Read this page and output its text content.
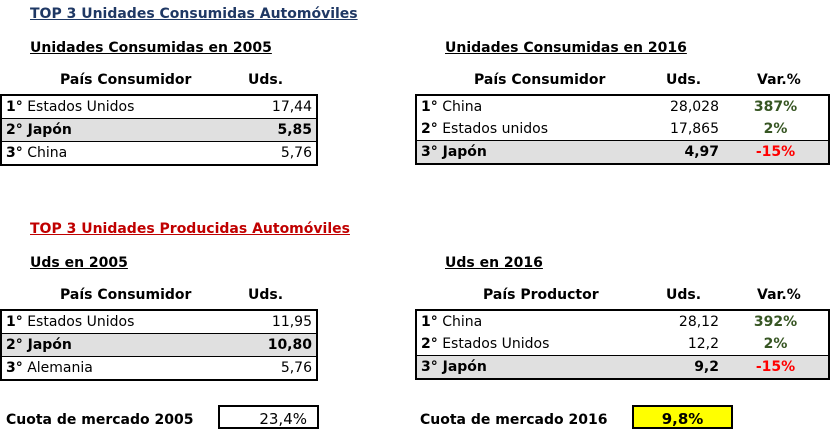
TOP 3 Unidades Consumidas Automóviles
Unidades Consumidas en 2005	Unidades Consumidas en 2016
País Consumidor	Uds.	País Consumidor	Uds.	Var.%
1° Estados Unidos	17,44
2° Japón	5,85
3° China	5,76
1° China	28,028	387%
2° Estados unidos	17,865	2%
3° Japón	4,97	-15%
TOP 3 Unidades Producidas Automóviles
Uds en 2005	Uds en 2016
País Consumidor	Uds.	País Productor	Uds.	Var.%
1° Estados Unidos	11,95
2° Japón	10,80
3° Alemania	5,76
1° China	28,12	392%
2° Estados Unidos	12,2	2%
3° Japón	9,2	-15%
Cuota de mercado 2005	23,4%	Cuota de mercado 2016	9,8%
